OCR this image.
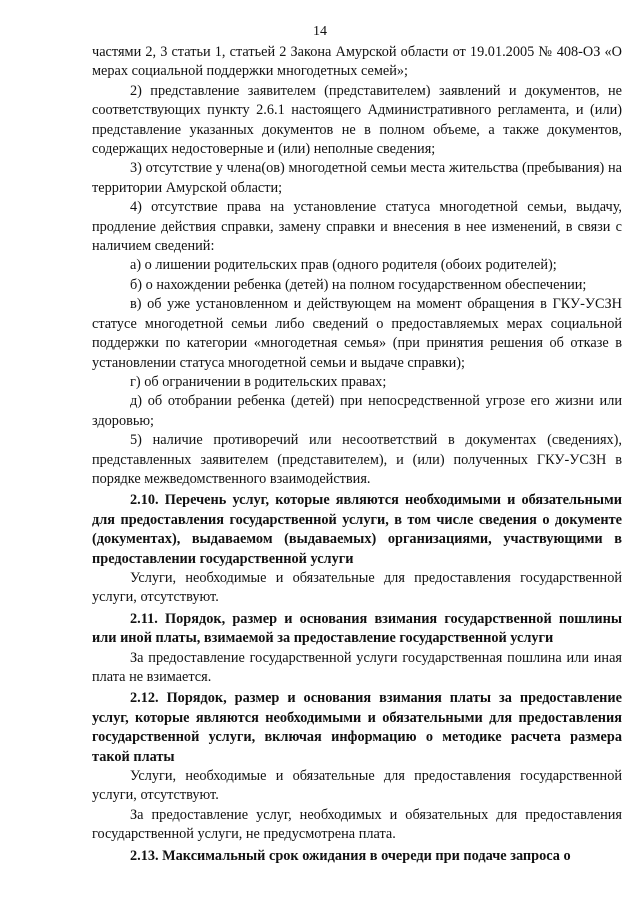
14

частями 2, 3 статьи 1, статьей 2 Закона Амурской области от 19.01.2005 № 408-ОЗ «О мерах социальной поддержки многодетных семей»;

2) представление заявителем (представителем) заявлений и документов, не соответствующих пункту 2.6.1 настоящего Административного регламента, и (или) представление указанных документов не в полном объеме, а также документов, содержащих недостоверные и (или) неполные сведения;

3) отсутствие у члена(ов) многодетной семьи места жительства (пребывания) на территории Амурской области;

4) отсутствие права на установление статуса многодетной семьи, выдачу, продление действия справки, замену справки и внесения в нее изменений, в связи с наличием сведений:

а) о лишении родительских прав (одного родителя (обоих родителей);

б) о нахождении ребенка (детей) на полном государственном обеспечении;

в) об уже установленном и действующем на момент обращения в ГКУ-УСЗН статусе многодетной семьи либо сведений о предоставляемых мерах социальной поддержки по категории «многодетная семья» (при принятия решения об отказе в установлении статуса многодетной семьи и выдаче справки);

г) об ограничении в родительских правах;

д) об отобрании ребенка (детей) при непосредственной угрозе его жизни или здоровью;

5) наличие противоречий или несоответствий в документах (сведениях), представленных заявителем (представителем), и (или) полученных ГКУ-УСЗН в порядке межведомственного взаимодействия.

2.10. Перечень услуг, которые являются необходимыми и обязательными для предоставления государственной услуги, в том числе сведения о документе (документах), выдаваемом (выдаваемых) организациями, участвующими в предоставлении государственной услуги

Услуги, необходимые и обязательные для предоставления государственной услуги, отсутствуют.

2.11. Порядок, размер и основания взимания государственной пошлины или иной платы, взимаемой за предоставление государственной услуги

За предоставление государственной услуги государственная пошлина или иная плата не взимается.

2.12. Порядок, размер и основания взимания платы за предоставление услуг, которые являются необходимыми и обязательными для предоставления государственной услуги, включая информацию о методике расчета размера такой платы

Услуги, необходимые и обязательные для предоставления государственной услуги, отсутствуют.

За предоставление услуг, необходимых и обязательных для предоставления государственной услуги, не предусмотрена плата.

2.13. Максимальный срок ожидания в очереди при подаче запроса о
